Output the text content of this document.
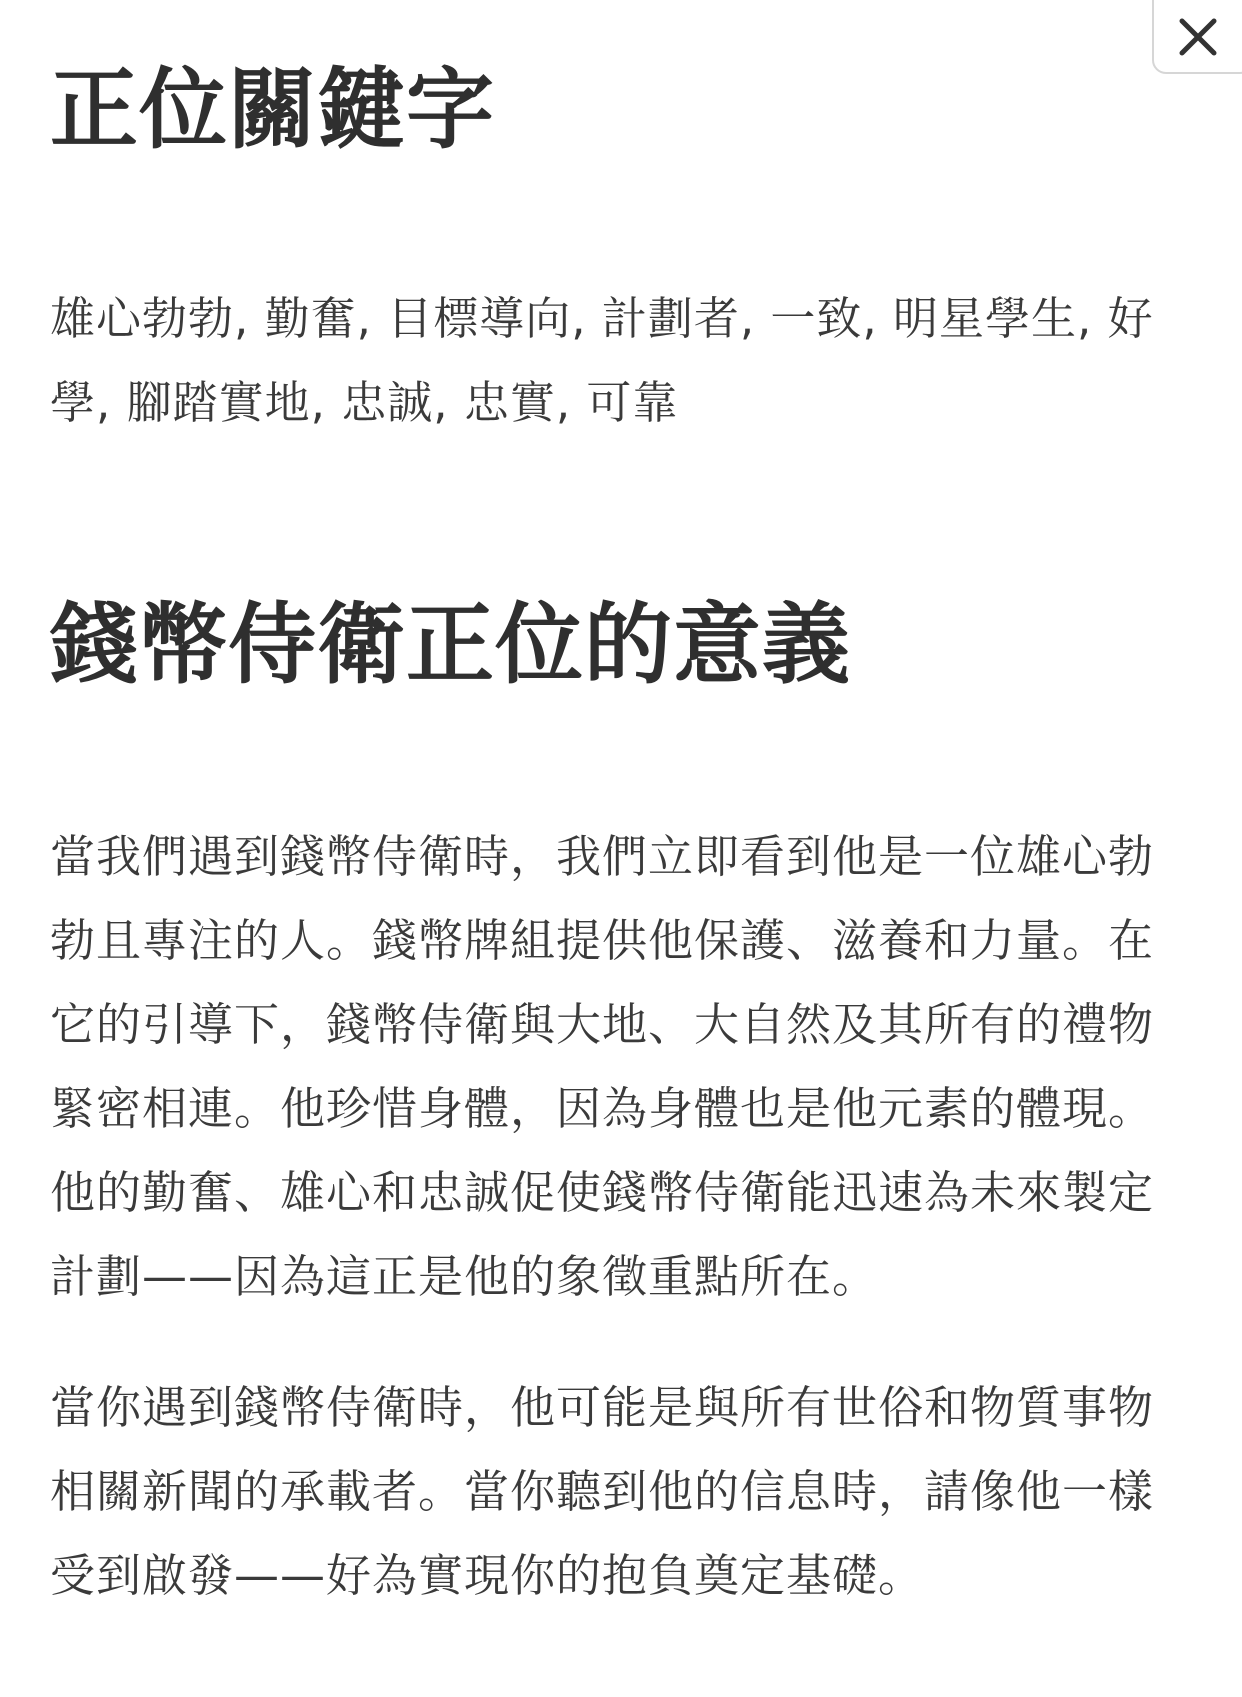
正位關鍵字

雄心勃勃, 勤奮, 目標導向, 計劃者, 一致, 明星學生, 好學, 腳踏實地, 忠誠, 忠實, 可靠

錢幣侍衛正位的意義

當我們遇到錢幣侍衛時，我們立即看到他是一位雄心勃勃且專注的人。錢幣牌組提供他保護、滋養和力量。在它的引導下，錢幣侍衛與大地、大自然及其所有的禮物緊密相連。他珍惜身體，因為身體也是他元素的體現。他的勤奮、雄心和忠誠促使錢幣侍衛能迅速為未來製定計劃——因為這正是他的象徵重點所在。

當你遇到錢幣侍衛時，他可能是與所有世俗和物質事物相關新聞的承載者。當你聽到他的信息時，請像他一樣受到啟發——好為實現你的抱負奠定基礎。
